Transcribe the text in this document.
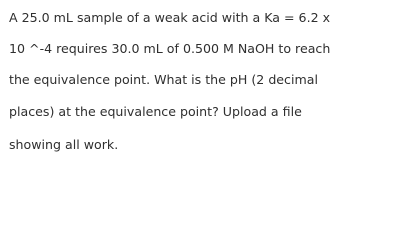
A 25.0 mL sample of a weak acid with a Ka = 6.2 x
10 ^-4 requires 30.0 mL of 0.500 M NaOH to reach
the equivalence point. What is the pH (2 decimal
places) at the equivalence point? Upload a file
showing all work.
